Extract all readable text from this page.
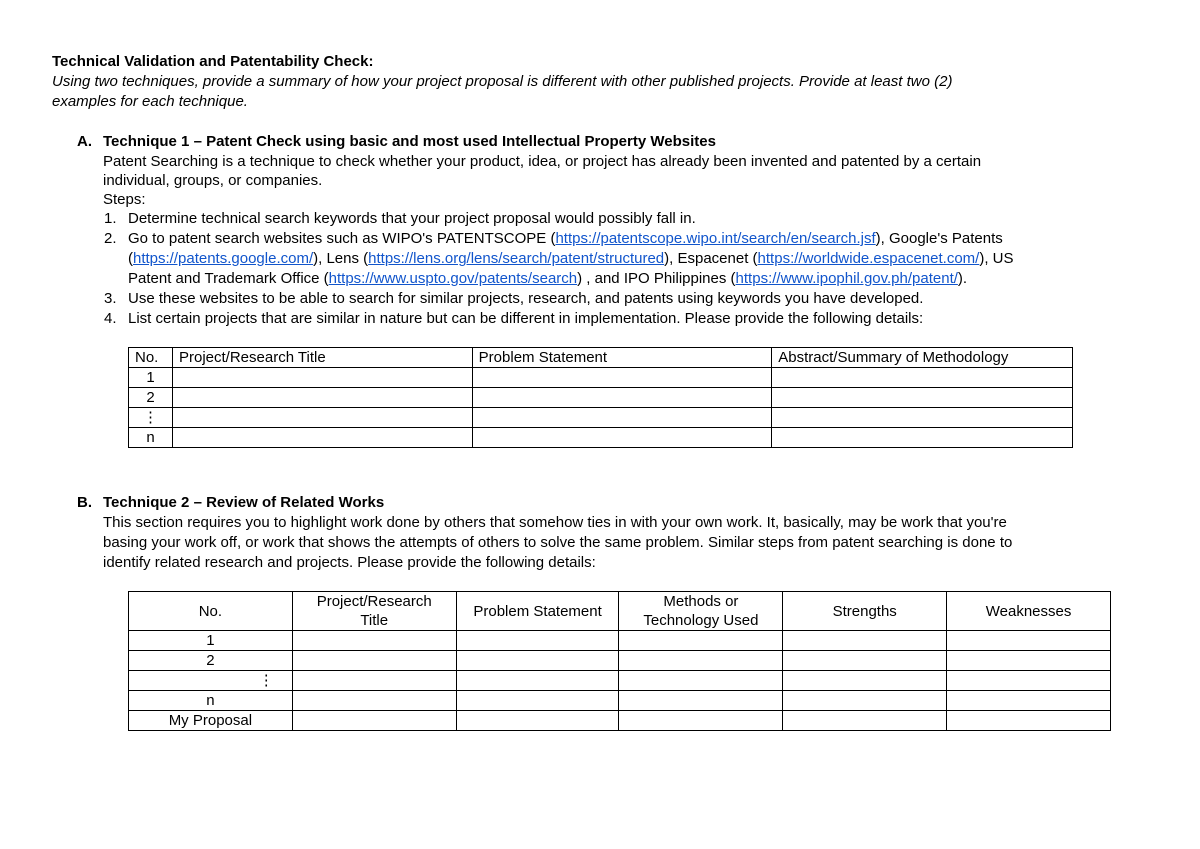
Technical Validation and Patentability Check:
Using two techniques, provide a summary of how your project proposal is different with other published projects. Provide at least two (2)
examples for each technique.
A. Technique 1 – Patent Check using basic and most used Intellectual Property Websites
Patent Searching is a technique to check whether your product, idea, or project has already been invented and patented by a certain
individual, groups, or companies.
Steps:
1. Determine technical search keywords that your project proposal would possibly fall in.
2. Go to patent search websites such as WIPO's PATENTSCOPE (https://patentscope.wipo.int/search/en/search.jsf), Google's Patents
(https://patents.google.com/), Lens (https://lens.org/lens/search/patent/structured), Espacenet (https://worldwide.espacenet.com/), US
Patent and Trademark Office (https://www.uspto.gov/patents/search) , and IPO Philippines (https://www.ipophil.gov.ph/patent/).
3. Use these websites to be able to search for similar projects, research, and patents using keywords you have developed.
4. List certain projects that are similar in nature but can be different in implementation. Please provide the following details:
No.	Project/Research Title	Problem Statement	Abstract/Summary of Methodology
1			
2			
⋮			
n			
B. Technique 2 – Review of Related Works
This section requires you to highlight work done by others that somehow ties in with your own work. It, basically, may be work that you're
basing your work off, or work that shows the attempts of others to solve the same problem. Similar steps from patent searching is done to
identify related research and projects. Please provide the following details:
No.	Project/Research
Title	Problem Statement	Methods or
Technology Used	Strengths	Weaknesses
1					
2					
⋮					
n					
My Proposal					
